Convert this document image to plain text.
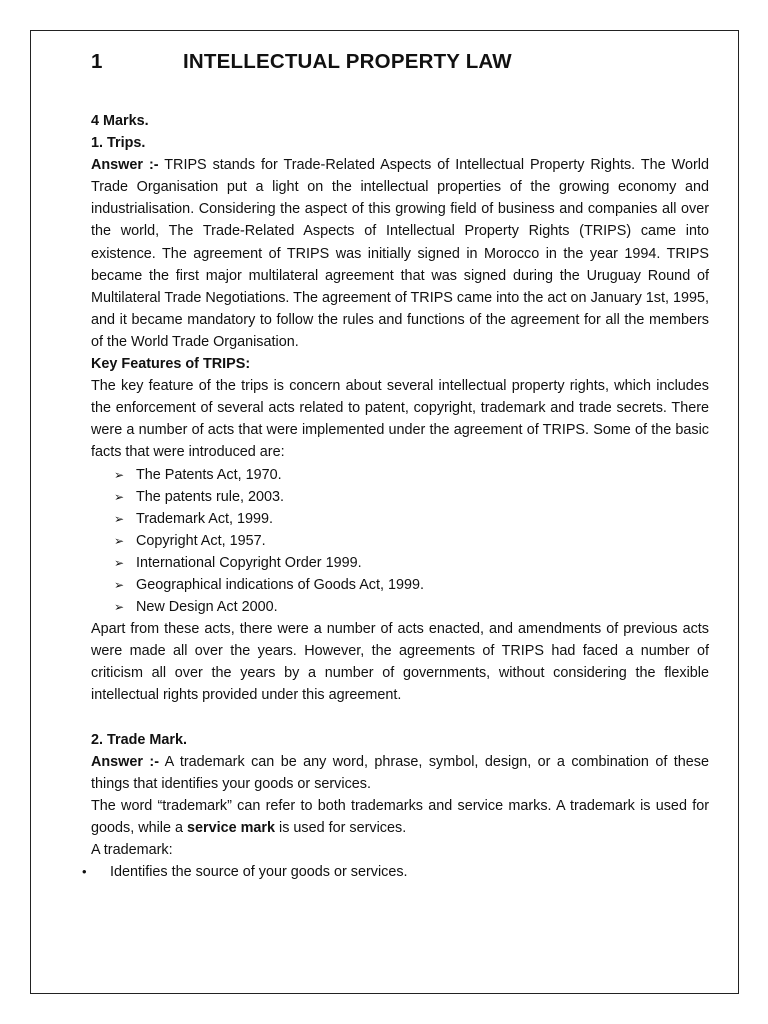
1	INTELLECTUAL PROPERTY LAW

4 Marks.

1. Trips.

Answer :- TRIPS stands for Trade-Related Aspects of Intellectual Property Rights. The World Trade Organisation put a light on the intellectual properties of the growing economy and industrialisation. Considering the aspect of this growing field of business and companies all over the world, The Trade-Related Aspects of Intellectual Property Rights (TRIPS) came into existence. The agreement of TRIPS was initially signed in Morocco in the year 1994. TRIPS became the first major multilateral agreement that was signed during the Uruguay Round of Multilateral Trade Negotiations. The agreement of TRIPS came into the act on January 1st, 1995, and it became mandatory to follow the rules and functions of the agreement for all the members of the World Trade Organisation.

Key Features of TRIPS:

The key feature of the trips is concern about several intellectual property rights, which includes the enforcement of several acts related to patent, copyright, trademark and trade secrets. There were a number of acts that were implemented under the agreement of TRIPS. Some of the basic facts that were introduced are:

➢ The Patents Act, 1970.
➢ The patents rule, 2003.
➢ Trademark Act, 1999.
➢ Copyright Act, 1957.
➢ International Copyright Order 1999.
➢ Geographical indications of Goods Act, 1999.
➢ New Design Act 2000.

Apart from these acts, there were a number of acts enacted, and amendments of previous acts were made all over the years. However, the agreements of TRIPS had faced a number of criticism all over the years by a number of governments, without considering the flexible intellectual rights provided under this agreement.

2. Trade Mark.

Answer :- A trademark can be any word, phrase, symbol, design, or a combination of these things that identifies your goods or services.

The word “trademark” can refer to both trademarks and service marks. A trademark is used for goods, while a service mark is used for services.

A trademark:

•	Identifies the source of your goods or services.
